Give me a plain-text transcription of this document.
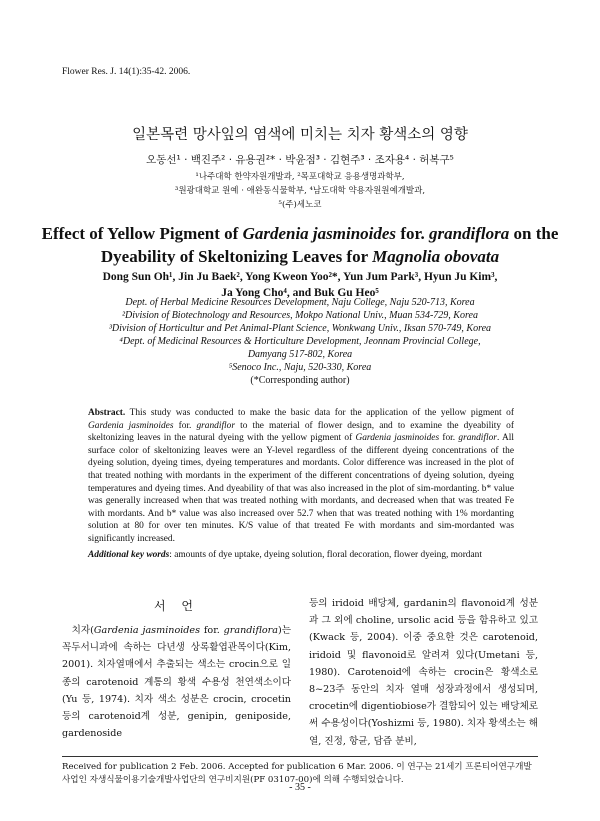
Flower Res. J. 14(1):35-42. 2006.
일본목련 망사잎의 염색에 미치는 치자 황색소의 영향
오동선¹ · 백진주² · 유용권²* · 박윤점³ · 김현주³ · 조자용⁴ · 허복구⁵
¹나주대학 한약자원개발과, ²목포대학교 응용생명과학부,
³원광대학교 원예 · 애완동식물학부, ⁴남도대학 약용자원원예개발과,
⁵(주)세노코
Effect of Yellow Pigment of Gardenia jasminoides for. grandiflora on the Dyeability of Skeltonizing Leaves for Magnolia obovata
Dong Sun Oh¹, Jin Ju Baek², Yong Kweon Yoo²*, Yun Jum Park³, Hyun Ju Kim³,
Ja Yong Cho⁴, and Buk Gu Heo⁵
Dept. of Herbal Medicine Resources Development, Naju College, Naju 520-713, Korea
²Division of Biotechnology and Resources, Mokpo National Univ., Muan 534-729, Korea
³Division of Horticultur and Pet Animal-Plant Science, Wonkwang Univ., Iksan 570-749, Korea
⁴Dept. of Medicinal Resources & Horticulture Development, Jeonnam Provincial College,
Damyang 517-802, Korea
⁵Senoco Inc., Naju, 520-330, Korea
(*Corresponding author)
Abstract. This study was conducted to make the basic data for the application of the yellow pigment of Gardenia jasminoides for. grandiflor to the material of flower design, and to examine the dyeability of skeltonizing leaves in the natural dyeing with the yellow pigment of Gardenia jasminoides for. grandiflor. All surface color of skeltonizing leaves were an Y-level regardless of the different dyeing concentrations of the dyeing solution, dyeing times, dyeing temperatures and mordants. Color difference was increased in the plot of that treated nothing with mordants in the experiment of the different concentrations of dyeing solution, dyeing temperatures and dyeing times. And dyeability of that was also increased in the plot of sim-mordanting. b* value was generally increased when that was treated nothing with mordants, and decreased when that was treated Fe with mordants. And b* value was also increased over 52.7 when that was treated nothing with 1% mordanting solution at 80 for over ten minutes. K/S value of that treated Fe with mordants and sim-mordanted was significantly increased.
Additional key words: amounts of dye uptake, dyeing solution, floral decoration, flower dyeing, mordant
서 언
치자(Gardenia jasminoides for. grandiflora)는 꼭두서니과에 속하는 다년생 상록활엽관목이다(Kim, 2001). 치자열매에서 추출되는 색소는 crocin으로 일종의 carotenoid 계통의 황색 수용성 천연색소이다(Yu 등, 1974). 치자 색소 성분은 crocin, crocetin 등의 carotenoid계 성분, genipin, geniposide, gardenoside
등의 iridoid 배당체, gardanin의 flavonoid계 성분과 그 외에 choline, ursolic acid 등을 함유하고 있고(Kwack 등, 2004). 이중 중요한 것은 carotenoid, iridoid 및 flavonoid로 알려져 있다(Umetani 등, 1980). Carotenoid에 속하는 crocin은 황색소로 8~23주 동안의 치자 열매 성장과정에서 생성되며, crocetin에 digentiobiose가 결합되어 있는 배당체로써 수용성이다(Yoshizmi 등, 1980). 치자 황색소는 해열, 진정, 항균, 담즙 분비,
Received for publication 2 Feb. 2006. Accepted for publication 6 Mar. 2006. 이 연구는 21세기 프론티어연구개발사업인 자생식물이용기술개발사업단의 연구비지원(PF 03107-00)에 의해 수행되었습니다.
- 35 -
